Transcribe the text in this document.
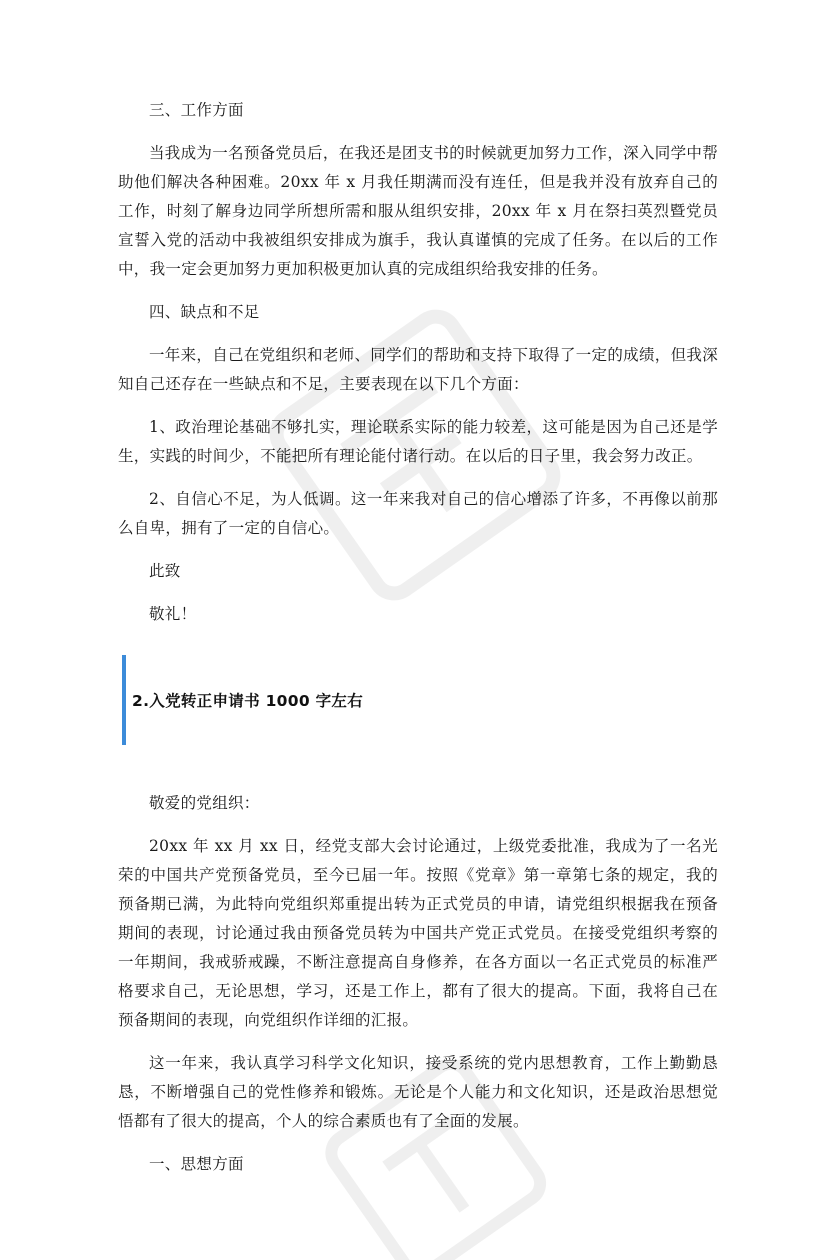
三、工作方面

当我成为一名预备党员后，在我还是团支书的时候就更加努力工作，深入同学中帮助他们解决各种困难。20xx 年 x 月我任期满而没有连任，但是我并没有放弃自己的工作，时刻了解身边同学所想所需和服从组织安排，20xx 年 x 月在祭扫英烈暨党员宣誓入党的活动中我被组织安排成为旗手，我认真谨慎的完成了任务。在以后的工作中，我一定会更加努力更加积极更加认真的完成组织给我安排的任务。

四、缺点和不足

一年来，自己在党组织和老师、同学们的帮助和支持下取得了一定的成绩，但我深知自己还存在一些缺点和不足，主要表现在以下几个方面：

1、政治理论基础不够扎实，理论联系实际的能力较差，这可能是因为自己还是学生，实践的时间少，不能把所有理论能付诸行动。在以后的日子里，我会努力改正。

2、自信心不足，为人低调。这一年来我对自己的信心增添了许多，不再像以前那么自卑，拥有了一定的自信心。

此致

敬礼！

2.入党转正申请书 1000 字左右

敬爱的党组织：

20xx 年 xx 月 xx 日，经党支部大会讨论通过，上级党委批准，我成为了一名光荣的中国共产党预备党员，至今已届一年。按照《党章》第一章第七条的规定，我的预备期已满，为此特向党组织郑重提出转为正式党员的申请，请党组织根据我在预备期间的表现，讨论通过我由预备党员转为中国共产党正式党员。在接受党组织考察的一年期间，我戒骄戒躁，不断注意提高自身修养，在各方面以一名正式党员的标准严格要求自己，无论思想，学习，还是工作上，都有了很大的提高。下面，我将自己在预备期间的表现，向党组织作详细的汇报。

这一年来，我认真学习科学文化知识，接受系统的党内思想教育，工作上勤勤恳恳，不断增强自己的党性修养和锻炼。无论是个人能力和文化知识，还是政治思想觉悟都有了很大的提高，个人的综合素质也有了全面的发展。

一、思想方面
